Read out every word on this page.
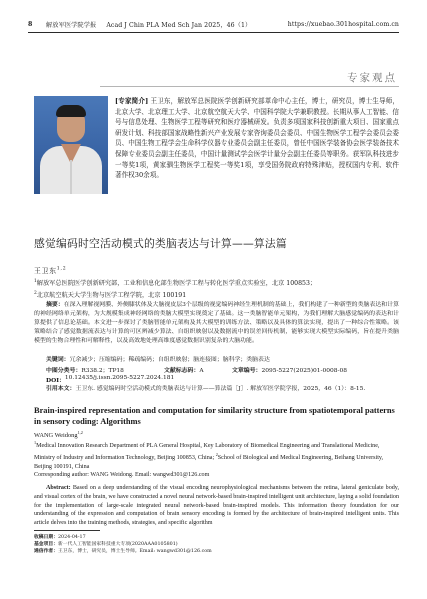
8	解放军医学院学报 Acad J Chin PLA Med Sch Jan 2025，46（1）	https://xuebao.301hospital.com.cn
专家观点
[专家简介] 王卫东，解放军总医院医学创新研究部革命中心主任，博士，研究员，博士生导师，北京大学、北京理工大学、北京航空航天大学、中国科学院大学兼职教授。长期从事人工智能、信号与信息处理、生物医学工程等研究和医疗器械研发。负责多项国家科技创新重大项目、国家重点研发计划、科技部国家战略性新兴产业发展专家咨询委员会委员、中国生物医学工程学会委员会委员、中国生物工程学会生命科学仪器专业委员会副主任委员，曾任中国医学装备协会医学装备技术保障专业委员会副主任委员，中国计量测试学会医学计量分会副主任委员等职务。获军队科技进步一等奖1项，黄家驷生物医学工程奖一等奖1项，享受国务院政府特殊津贴，授权国内专利、软件著作权30余项。
感觉编码时空活动模式的类脑表达与计算——算法篇
王卫东$^{1,2}$
$^1$解放军总医院医学创新研究部，工业和信息化部生物医学工程与转化医学重点实验室，北京 100853；
$^2$北京航空航天大学生物与医学工程学院，北京 100191
摘要：在深入理解视网膜、外侧膝状体及大脑视皮层3个层级的视觉编码神经生理机制的基础上，我们构建了一种新型的类脑表达和计算的神经网络单元架构，为大规模集成神经网络的类脑大模型实现奠定了基础。这一类脑智能单元架构，为我们理解大脑感觉编码的表达和计算提供了信息论基础。本文进一步探讨了类脑智能单元架构及其大模型的训练方法、策略以及具体的算法实现，提出了一种综合性策略。该策略结合了感觉数据流表达与计算的可区辨减少算法、自组织映射以及数据流中的误差回传机制，能够实现大模型实际编码，旨在提升类脑模型的生物合理性和可解释性，以及高效地处理高维度感觉数据识别复杂的大脑功能。
关键词：冗余减少；压缩编码；稀疏编码；自组织映射；脑连接图；脑科学；类脑表达
中图分类号：R338.2；TP18	文献标志码：A	文章编号：2095-5227(2025)01-0008-08
DOI： 10.12435/j.issn.2095-5227.2024.181
引用本文：王卫东. 感觉编码时空活动模式的类脑表达与计算——算法篇［J］. 解放军医学院学报，2025，46（1）：8-15.
Brain-inspired representation and computation for similarity structure from spatiotemporal patterns in sensory coding: Algorithms
WANG Weidong$^{1,2}$
$^1$Medical Innovation Research Department of PLA General Hospital, Key Laboratory of Biomedical Engineering and Translational Medicine, Ministry of Industry and Information Technology, Beijing 100853, China; $^2$School of Biological and Medical Engineering, Beihang University, Beijing 100191, China
Corresponding author: WANG Weidong. Email: wangwd301@126.com
Abstract: Based on a deep understanding of the visual encoding neurophysiological mechanisms between the retina, lateral geniculate body, and visual cortex of the brain, we have constructed a novel neural network-based brain-inspired intelligent unit architecture, laying a solid foundation for the implementation of large-scale integrated neural network-based brain-inspired models. This information theory foundation for our understanding of the expression and computation of brain sensory encoding is formed by the architecture of brain-inspired intelligent units. This article delves into the training methods, strategies, and specific algorithm
收稿日期：2024-04-17
基金项目：新一代人工智能国家科技重大专项(2020AAA0105801)
通信作者：王卫东，博士，研究员，博士生导师。Email: wangwd301@126.com
